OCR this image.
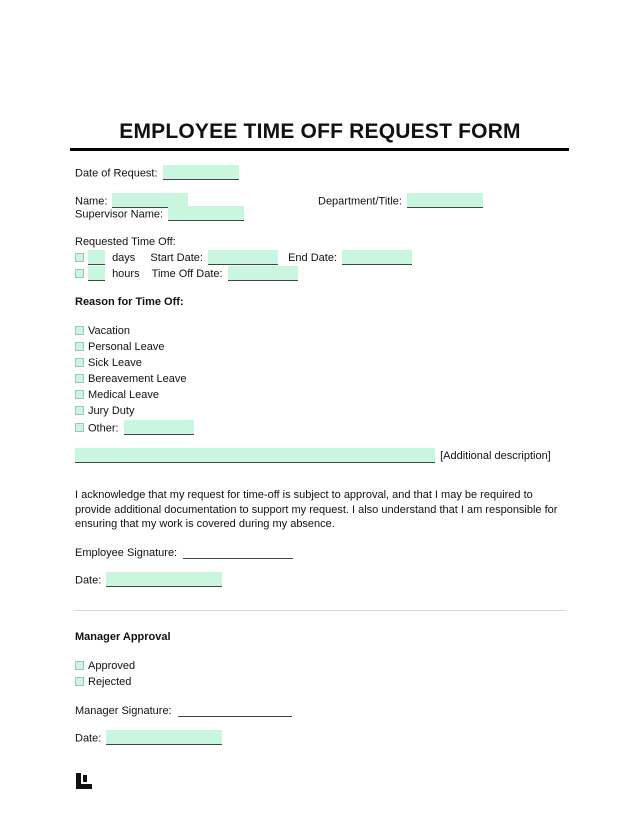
EMPLOYEE TIME OFF REQUEST FORM
Date of Request:
Name:	Department/Title:
Supervisor Name:
Requested Time Off:
days Start Date:	End Date:
hours Time Off Date:
Reason for Time Off:
Vacation
Personal Leave
Sick Leave
Bereavement Leave
Medical Leave
Jury Duty
Other:
[Additional description]
I acknowledge that my request for time-off is subject to approval, and that I may be required to provide additional documentation to support my request. I also understand that I am responsible for ensuring that my work is covered during my absence.
Employee Signature:
Date:
Manager Approval
Approved
Rejected
Manager Signature:
Date:
